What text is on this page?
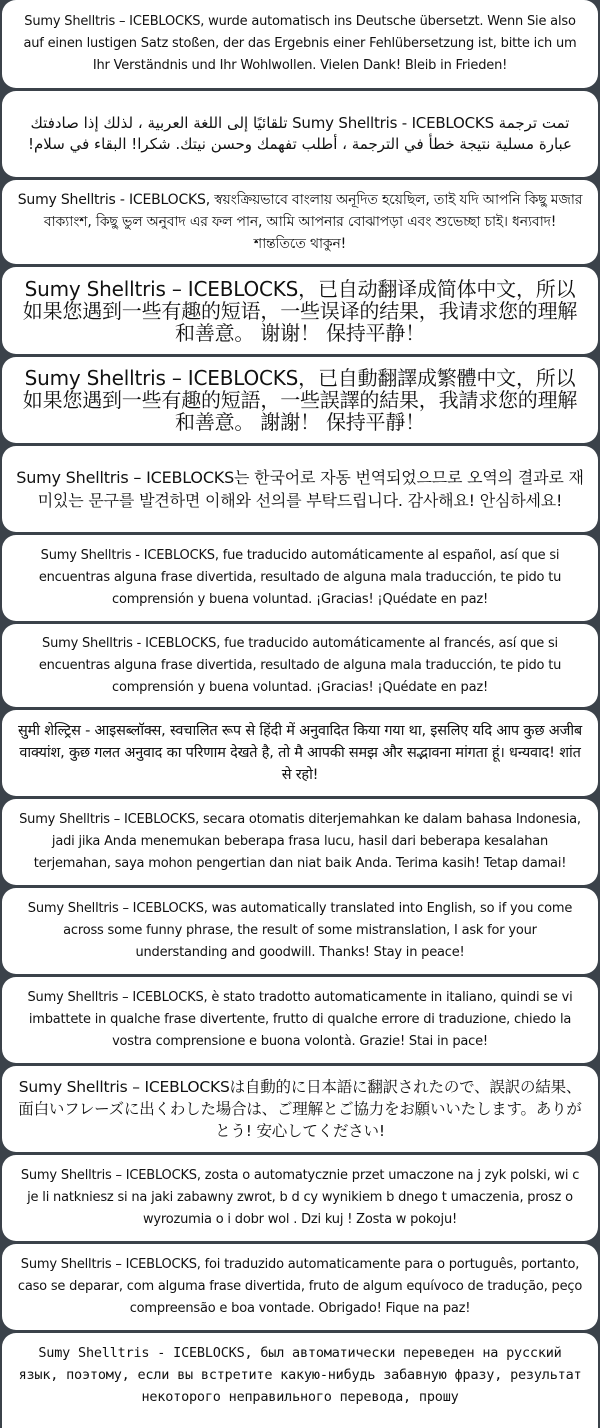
Sumy Shelltris – ICEBLOCKS, wurde automatisch ins Deutsche übersetzt. Wenn Sie also auf einen lustigen Satz stoßen, der das Ergebnis einer Fehlübersetzung ist, bitte ich um Ihr Verständnis und Ihr Wohlwollen. Vielen Dank! Bleib in Frieden!

تمت ترجمة Sumy Shelltris - ICEBLOCKS تلقائيًا إلى اللغة العربية ، لذلك إذا صادفتك عبارة مسلية نتيجة خطأ في الترجمة ، أطلب تفهمك وحسن نيتك. شكرا! البقاء في سلام!

Sumy Shelltris - ICEBLOCKS, স্বয়ংক্রিয়ভাবে বাংলায় অনূদিত হয়েছিল, তাই যদি আপনি কিছু মজার বাক্যাংশ, কিছু ভুল অনুবাদ এর ফল পান, আমি আপনার বোঝাপড়া এবং শুভেচ্ছা চাই। ধন্যবাদ! শান্ততিতে থাকুন!

Sumy Shelltris – ICEBLOCKS，已自动翻译成简体中文，所以如果您遇到一些有趣的短语，一些误译的结果，我请求您的理解和善意。 谢谢！ 保持平静！

Sumy Shelltris – ICEBLOCKS，已自動翻譯成繁體中文，所以如果您遇到一些有趣的短語，一些誤譯的結果，我請求您的理解和善意。 謝謝！ 保持平靜！

Sumy Shelltris – ICEBLOCKS는 한국어로 자동 번역되었으므로 오역의 결과로 재미있는 문구를 발견하면 이해와 선의를 부탁드립니다. 감사해요! 안심하세요!

Sumy Shelltris - ICEBLOCKS, fue traducido automáticamente al español, así que si encuentras alguna frase divertida, resultado de alguna mala traducción, te pido tu comprensión y buena voluntad. ¡Gracias! ¡Quédate en paz!

Sumy Shelltris - ICEBLOCKS, fue traducido automáticamente al francés, así que si encuentras alguna frase divertida, resultado de alguna mala traducción, te pido tu comprensión y buena voluntad. ¡Gracias! ¡Quédate en paz!

सुमी शेल्ट्रिस - आइसब्लॉक्स, स्वचालित रूप से हिंदी में अनुवादित किया गया था, इसलिए यदि आप कुछ अजीब वाक्यांश, कुछ गलत अनुवाद का परिणाम देखते है, तो मै आपकी समझ और सद्भावना मांगता हूं। धन्यवाद! शांत से रहो!

Sumy Shelltris – ICEBLOCKS, secara otomatis diterjemahkan ke dalam bahasa Indonesia, jadi jika Anda menemukan beberapa frasa lucu, hasil dari beberapa kesalahan terjemahan, saya mohon pengertian dan niat baik Anda. Terima kasih! Tetap damai!

Sumy Shelltris – ICEBLOCKS, was automatically translated into English, so if you come across some funny phrase, the result of some mistranslation, I ask for your understanding and goodwill. Thanks! Stay in peace!

Sumy Shelltris – ICEBLOCKS, è stato tradotto automaticamente in italiano, quindi se vi imbattete in qualche frase divertente, frutto di qualche errore di traduzione, chiedo la vostra comprensione e buona volontà. Grazie! Stai in pace!

Sumy Shelltris – ICEBLOCKSは自動的に日本語に翻訳されたので、誤訳の結果、面白いフレーズに出くわした場合は、ご理解とご協力をお願いいたします。ありがとう! 安心してください!

Sumy Shelltris – ICEBLOCKS, zosta o automatycznie przet umaczone na j zyk polski, wi c je li natkniesz si na jaki zabawny zwrot, b d cy wynikiem b dnego t umaczenia, prosz o wyrozumia o i dobr wol . Dzi kuj ! Zosta w pokoju!

Sumy Shelltris – ICEBLOCKS, foi traduzido automaticamente para o português, portanto, caso se deparar, com alguma frase divertida, fruto de algum equívoco de tradução, peço compreensão e boa vontade. Obrigado! Fique na paz!

Sumy Shelltris - ICEBLOCKS, был автоматически переведен на русский язык, поэтому, если вы встретите какую-нибудь забавную фразу, результат некоторого неправильного перевода, прошу
